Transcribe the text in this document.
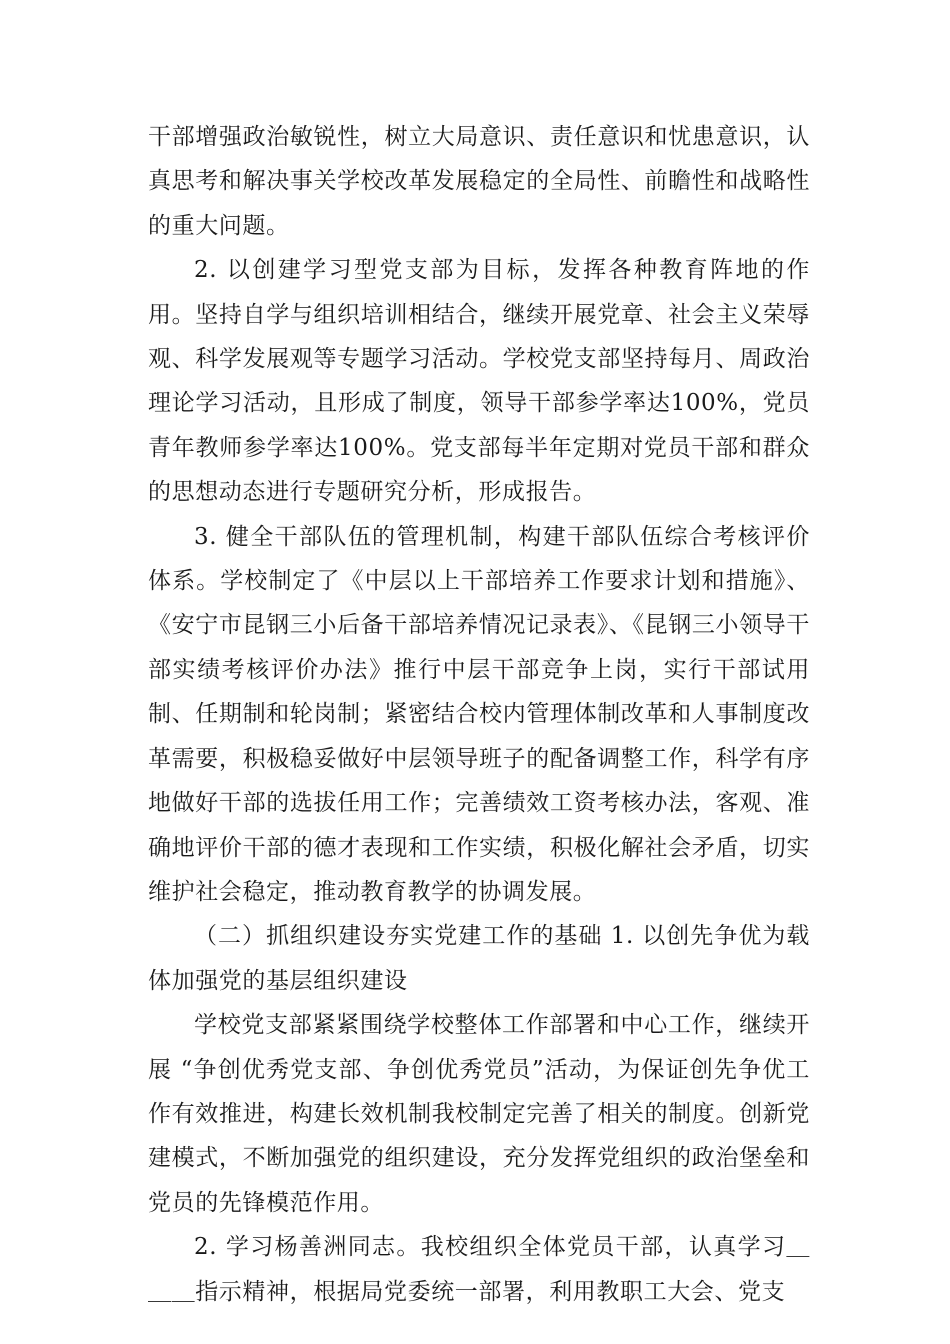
干部增强政治敏锐性，树立大局意识、责任意识和忧患意识，认真思考和解决事关学校改革发展稳定的全局性、前瞻性和战略性的重大问题。

2. 以创建学习型党支部为目标，发挥各种教育阵地的作用。坚持自学与组织培训相结合，继续开展党章、社会主义荣辱观、科学发展观等专题学习活动。学校党支部坚持每月、周政治理论学习活动，且形成了制度，领导干部参学率达100%，党员青年教师参学率达100%。党支部每半年定期对党员干部和群众的思想动态进行专题研究分析，形成报告。

3. 健全干部队伍的管理机制，构建干部队伍综合考核评价体系。学校制定了《中层以上干部培养工作要求计划和措施》、《安宁市昆钢三小后备干部培养情况记录表》、《昆钢三小领导干部实绩考核评价办法》推行中层干部竞争上岗，实行干部试用制、任期制和轮岗制；紧密结合校内管理体制改革和人事制度改革需要，积极稳妥做好中层领导班子的配备调整工作，科学有序地做好干部的选拔任用工作；完善绩效工资考核办法，客观、准确地评价干部的德才表现和工作实绩，积极化解社会矛盾，切实维护社会稳定，推动教育教学的协调发展。

（二）抓组织建设夯实党建工作的基础 1. 以创先争优为载体加强党的基层组织建设

学校党支部紧紧围绕学校整体工作部署和中心工作，继续开展 “争创优秀党支部、争创优秀党员”活动，为保证创先争优工作有效推进，构建长效机制我校制定完善了相关的制度。创新党建模式，不断加强党的组织建设，充分发挥党组织的政治堡垒和党员的先锋模范作用。

2. 学习杨善洲同志。我校组织全体党员干部，认真学习＿＿＿指示精神，根据局党委统一部署，利用教职工大会、党支
